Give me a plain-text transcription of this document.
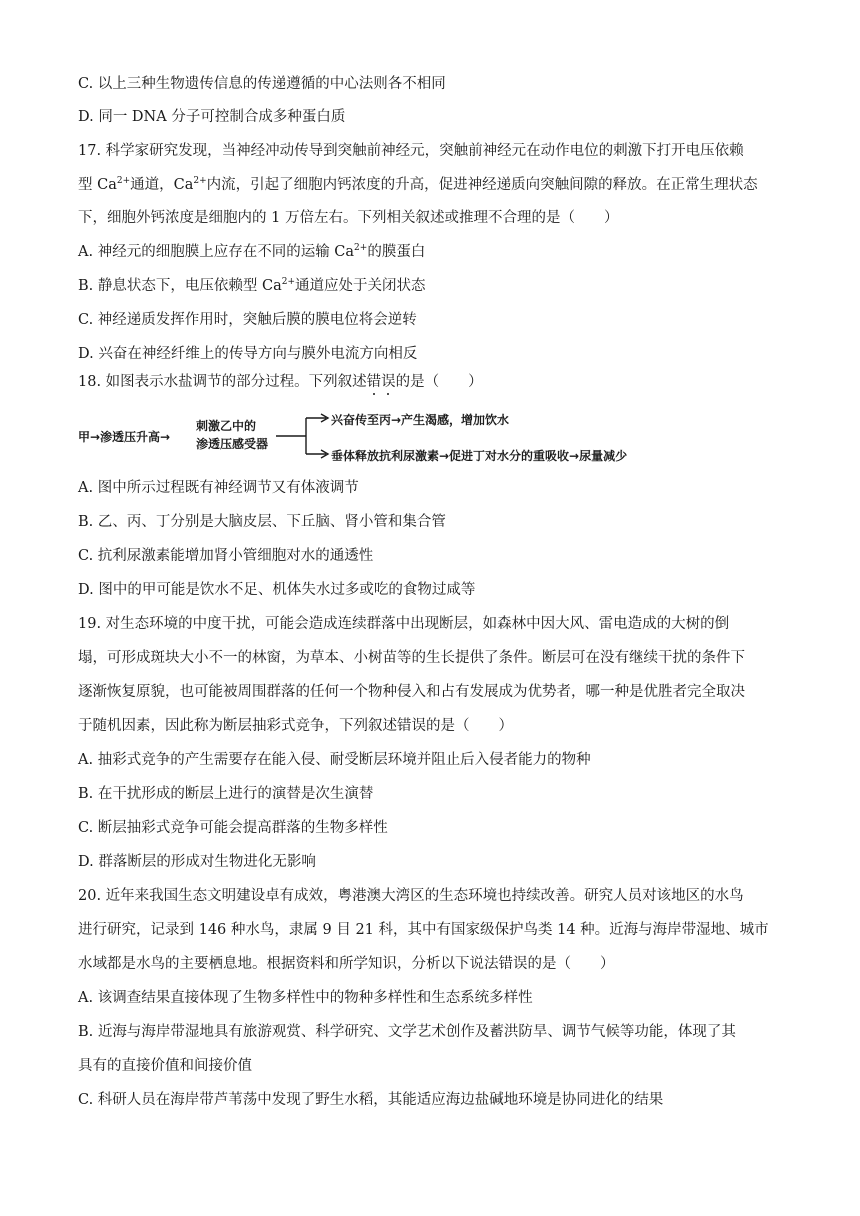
C. 以上三种生物遗传信息的传递遵循的中心法则各不相同
D. 同一 DNA 分子可控制合成多种蛋白质
17. 科学家研究发现，当神经冲动传导到突触前神经元，突触前神经元在动作电位的刺激下打开电压依赖
型 $Ca^{2+}$通道，$Ca^{2+}$内流，引起了细胞内钙浓度的升高，促进神经递质向突触间隙的释放。在正常生理状态
下，细胞外钙浓度是细胞内的 1 万倍左右。下列相关叙述或推理不合理的是（　　）
A. 神经元的细胞膜上应存在不同的运输 $Ca^{2+}$的膜蛋白
B. 静息状态下，电压依赖型 $Ca^{2+}$通道应处于关闭状态
C. 神经递质发挥作用时，突触后膜的膜电位将会逆转
D. 兴奋在神经纤维上的传导方向与膜外电流方向相反
18. 如图表示水盐调节的部分过程。下列叙述错
误
的是（　　）
甲→渗透压升高→
刺激乙中的
渗透压感受器
兴奋传至丙→产生渴感，增加饮水
垂体释放抗利尿激素→促进丁对水分的重吸收→尿量减少
A. 图中所示过程既有神经调节又有体液调节
B. 乙、丙、丁分别是大脑皮层、下丘脑、肾小管和集合管
C. 抗利尿激素能增加肾小管细胞对水的通透性
D. 图中的甲可能是饮水不足、机体失水过多或吃的食物过咸等
19. 对生态环境的中度干扰，可能会造成连续群落中出现断层，如森林中因大风、雷电造成的大树的倒
塌，可形成斑块大小不一的林窗，为草本、小树苗等的生长提供了条件。断层可在没有继续干扰的条件下
逐渐恢复原貌，也可能被周围群落的任何一个物种侵入和占有发展成为优势者，哪一种是优胜者完全取决
于随机因素，因此称为断层抽彩式竞争，下列叙述错误的是（　　）
A. 抽彩式竞争的产生需要存在能入侵、耐受断层环境并阻止后入侵者能力的物种
B. 在干扰形成的断层上进行的演替是次生演替
C. 断层抽彩式竞争可能会提高群落的生物多样性
D. 群落断层的形成对生物进化无影响
20. 近年来我国生态文明建设卓有成效，粤港澳大湾区的生态环境也持续改善。研究人员对该地区的水鸟
进行研究，记录到 146 种水鸟，隶属 9 目 21 科，其中有国家级保护鸟类 14 种。近海与海岸带湿地、城市
水域都是水鸟的主要栖息地。根据资料和所学知识，分析以下说法错误的是（　　）
A. 该调查结果直接体现了生物多样性中的物种多样性和生态系统多样性
B. 近海与海岸带湿地具有旅游观赏、科学研究、文学艺术创作及蓄洪防旱、调节气候等功能，体现了其
具有的直接价值和间接价值
C. 科研人员在海岸带芦苇荡中发现了野生水稻，其能适应海边盐碱地环境是协同进化的结果
